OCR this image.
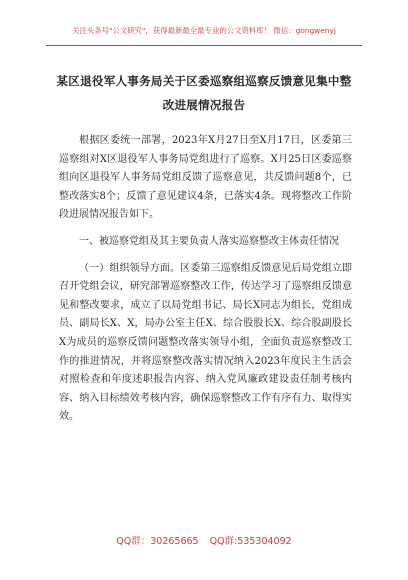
关注头条号"公文研究"，获得最新最全最专业的公文资料库！ 微信：gongwenyj
某区退役军人事务局关于区委巡察组巡察反馈意见集中整改进展情况报告

根据区委统一部署，2023年X月27日至X月17日，区委第三巡察组对X区退役军人事务局党组进行了巡察。X月25日区委巡察组向区退役军人事务局党组反馈了巡察意见，共反馈问题8个，已整改落实8个；反馈了意见建议4条，已落实4条。现将整改工作阶段进展情况报告如下。

一、被巡察党组及其主要负责人落实巡察整改主体责任情况

（一）组织领导方面。区委第三巡察组反馈意见后局党组立即召开党组会议，研究部署巡察整改工作，传达学习了巡察组反馈意见和整改要求，成立了以局党组书记、局长X同志为组长，党组成员、副局长X、X，局办公室主任X、综合股股长X、综合股副股长X为成员的巡察反馈问题整改落实领导小组，全面负责巡察整改工作的推进情况，并将巡察整改落实情况纳入2023年度民主生活会对照检查和年度述职报告内容、纳入党风廉政建设责任制考核内容、纳入目标绩效考核内容，确保巡察整改工作有序有力、取得实效。

QQ群：30265665 QQ群:535304092
